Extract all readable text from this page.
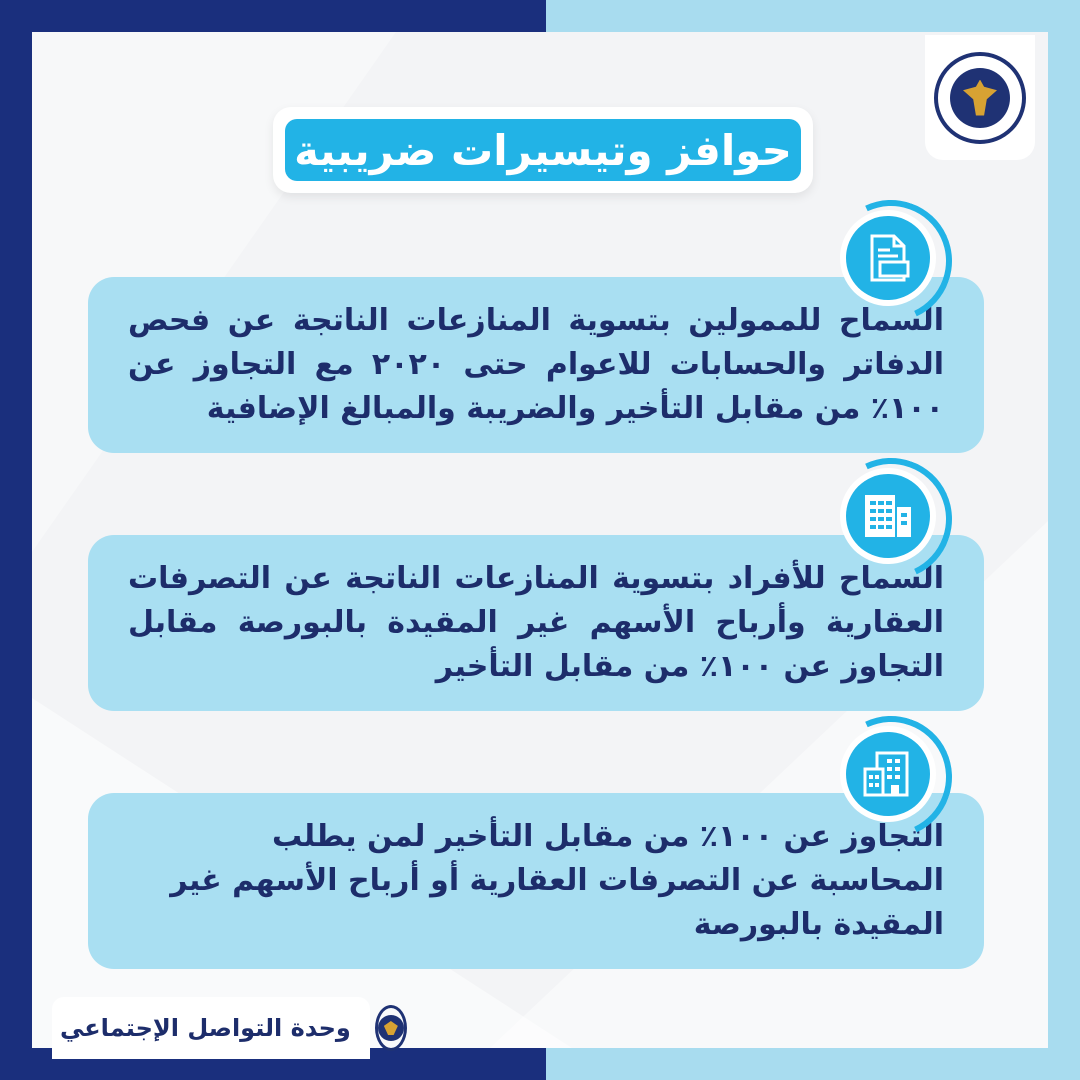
حوافز وتيسيرات ضريبية
السماح للممولين بتسوية المنازعات الناتجة عن فحص الدفاتر والحسابات للاعوام حتى ٢٠٢٠ مع التجاوز عن ١٠٠٪ من مقابل التأخير والضريبة والمبالغ الإضافية
السماح للأفراد بتسوية المنازعات الناتجة عن التصرفات العقارية وأرباح الأسهم غير المقيدة بالبورصة مقابل التجاوز عن ١٠٠٪ من مقابل التأخير
التجاوز عن ١٠٠٪ من مقابل التأخير لمن يطلب المحاسبة عن التصرفات العقارية أو أرباح الأسهم غير المقيدة بالبورصة
وحدة التواصل الإجتماعي
